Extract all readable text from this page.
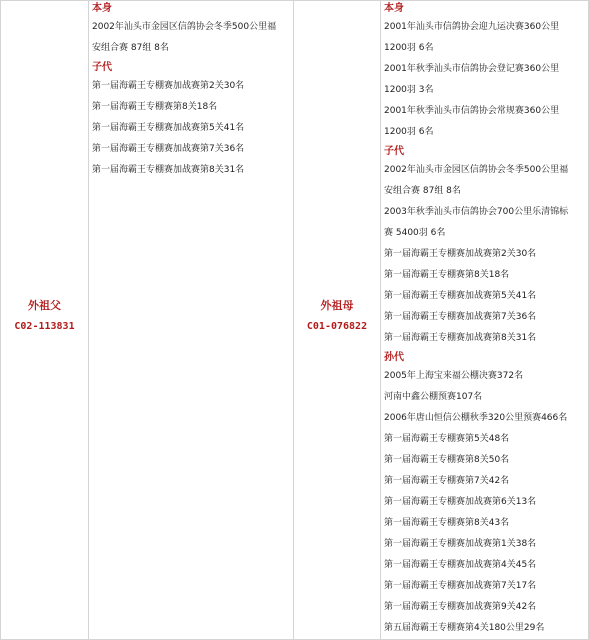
外祖父
C02-113831
本身
2002年汕头市金园区信鸽协会冬季500公里福
安组合赛 87组 8名
子代
第一届海霸王专棚赛加战赛第2关30名
第一届海霸王专棚赛第8关18名
第一届海霸王专棚赛加战赛第5关41名
第一届海霸王专棚赛加战赛第7关36名
第一届海霸王专棚赛加战赛第8关31名
外祖母
C01-076822
本身
2001年汕头市信鸽协会迎九运决赛360公里
1200羽 6名
2001年秋季汕头市信鸽协会登记赛360公里
1200羽 3名
2001年秋季汕头市信鸽协会常规赛360公里
1200羽 6名
子代
2002年汕头市金园区信鸽协会冬季500公里福
安组合赛 87组 8名
2003年秋季汕头市信鸽协会700公里乐清锦标
赛 5400羽 6名
第一届海霸王专棚赛加战赛第2关30名
第一届海霸王专棚赛第8关18名
第一届海霸王专棚赛加战赛第5关41名
第一届海霸王专棚赛加战赛第7关36名
第一届海霸王专棚赛加战赛第8关31名
孙代
2005年上海宝来福公棚决赛372名
河南中鑫公棚预赛107名
2006年唐山恒信公棚秋季320公里预赛466名
第一届海霸王专棚赛第5关48名
第一届海霸王专棚赛第8关50名
第一届海霸王专棚赛第7关42名
第一届海霸王专棚赛加战赛第6关13名
第一届海霸王专棚赛第8关43名
第一届海霸王专棚赛加战赛第1关38名
第一届海霸王专棚赛加战赛第4关45名
第一届海霸王专棚赛加战赛第7关17名
第一届海霸王专棚赛加战赛第9关42名
第五届海霸王专棚赛第4关180公里29名
